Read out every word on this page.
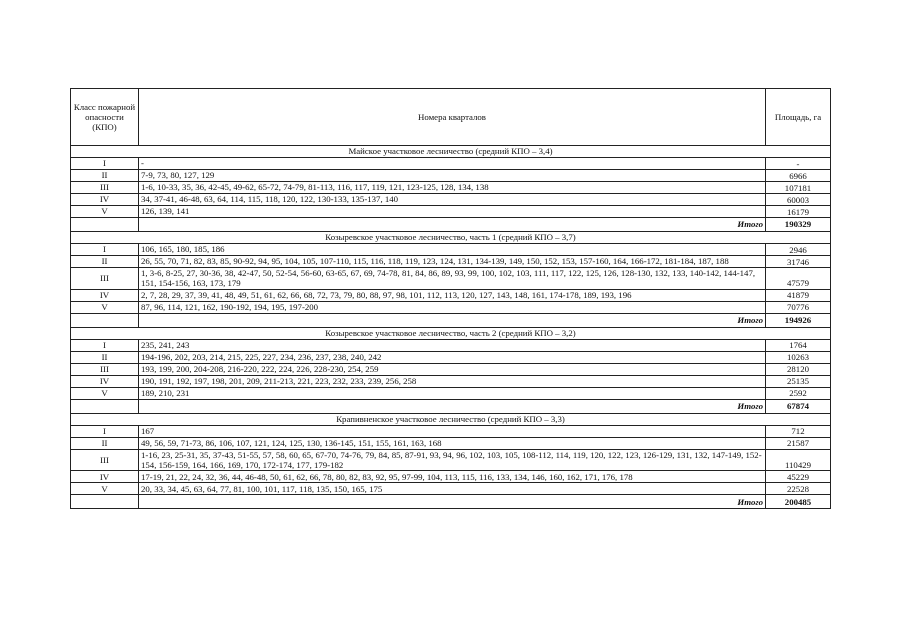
Класс пожарной опасности (КПО)	Номера кварталов	Площадь, га
Майское участковое лесничество (средний КПО – 3,4)		
I	-	-
II	7-9, 73, 80, 127, 129	6966
III	1-6, 10-33, 35, 36, 42-45, 49-62, 65-72, 74-79, 81-113, 116, 117, 119, 121, 123-125, 128, 134, 138	107181
IV	34, 37-41, 46-48, 63, 64, 114, 115, 118, 120, 122, 130-133, 135-137, 140	60003
V	126, 139, 141	16179
	Итого	190329
Козыревское участковое лесничество, часть 1 (средний КПО – 3,7)		
I	106, 165, 180, 185, 186	2946
II	26, 55, 70, 71, 82, 83, 85, 90-92, 94, 95, 104, 105, 107-110, 115, 116, 118, 119, 123, 124, 131, 134-139, 149, 150, 152, 153, 157-160, 164, 166-172, 181-184, 187, 188	31746
III	1, 3-6, 8-25, 27, 30-36, 38, 42-47, 50, 52-54, 56-60, 63-65, 67, 69, 74-78, 81, 84, 86, 89, 93, 99, 100, 102, 103, 111, 117, 122, 125, 126, 128-130, 132, 133, 140-142, 144-147, 151, 154-156, 163, 173, 179	47579
IV	2, 7, 28, 29, 37, 39, 41, 48, 49, 51, 61, 62, 66, 68, 72, 73, 79, 80, 88, 97, 98, 101, 112, 113, 120, 127, 143, 148, 161, 174-178, 189, 193, 196	41879
V	87, 96, 114, 121, 162, 190-192, 194, 195, 197-200	70776
	Итого	194926
Козыревское участковое лесничество, часть 2 (средний КПО – 3,2)		
I	235, 241, 243	1764
II	194-196, 202, 203, 214, 215, 225, 227, 234, 236, 237, 238, 240, 242	10263
III	193, 199, 200, 204-208, 216-220, 222, 224, 226, 228-230, 254, 259	28120
IV	190, 191, 192, 197, 198, 201, 209, 211-213, 221, 223, 232, 233, 239, 256, 258	25135
V	189, 210, 231	2592
	Итого	67874
Крапивненское участковое лесничество (средний КПО – 3,3)		
I	167	712
II	49, 56, 59, 71-73, 86, 106, 107, 121, 124, 125, 130, 136-145, 151, 155, 161, 163, 168	21587
III	1-16, 23, 25-31, 35, 37-43, 51-55, 57, 58, 60, 65, 67-70, 74-76, 79, 84, 85, 87-91, 93, 94, 96, 102, 103, 105, 108-112, 114, 119, 120, 122, 123, 126-129, 131, 132, 147-149, 152-154, 156-159, 164, 166, 169, 170, 172-174, 177, 179-182	110429
IV	17-19, 21, 22, 24, 32, 36, 44, 46-48, 50, 61, 62, 66, 78, 80, 82, 83, 92, 95, 97-99, 104, 113, 115, 116, 133, 134, 146, 160, 162, 171, 176, 178	45229
V	20, 33, 34, 45, 63, 64, 77, 81, 100, 101, 117, 118, 135, 150, 165, 175	22528
	Итого	200485
